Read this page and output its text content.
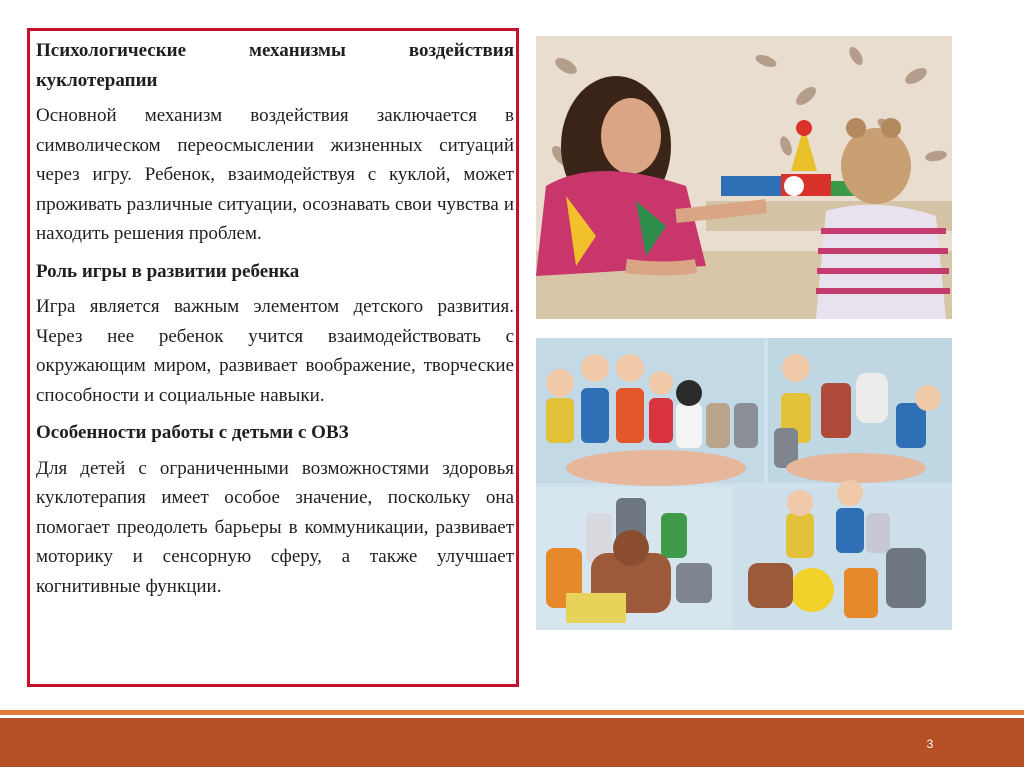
Психологические механизмы воздействия куклотерапии

Основной механизм воздействия заключается в символическом переосмыслении жизненных ситуаций через игру. Ребенок, взаимодействуя с куклой, может проживать различные ситуации, осознавать свои чувства и находить решения проблем.

Роль игры в развитии ребенка

Игра является важным элементом детского развития. Через нее ребенок учится взаимодействовать с окружающим миром, развивает воображение, творческие способности и социальные навыки.

Особенности работы с детьми с ОВЗ

Для детей с ограниченными возможностями здоровья куклотерапия имеет особое значение, поскольку она помогает преодолеть барьеры в коммуникации, развивает моторику и сенсорную сферу, а также улучшает когнитивные функции.

3
